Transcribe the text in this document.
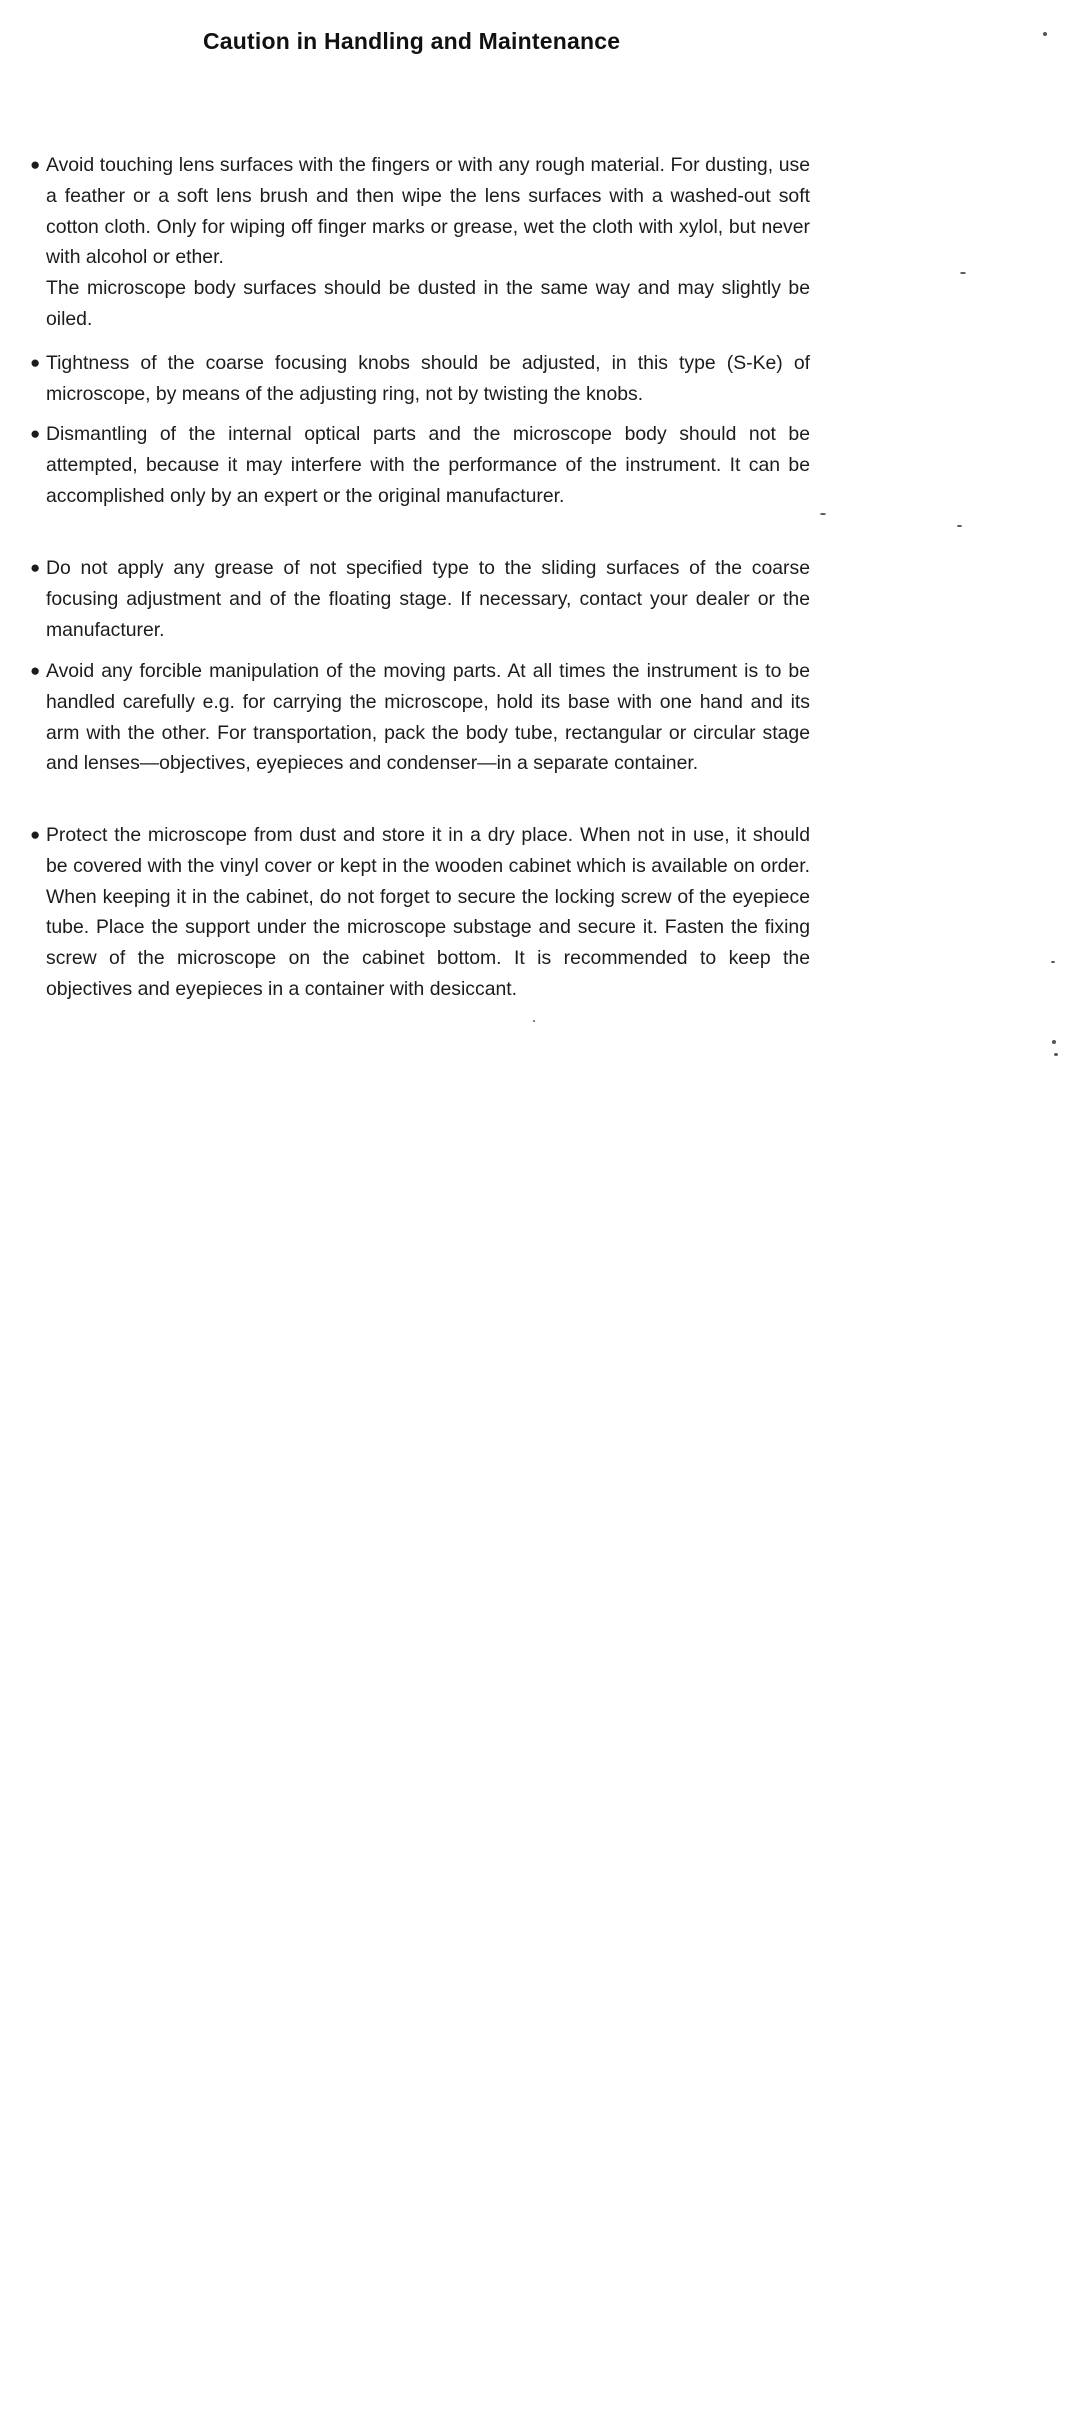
Caution in Handling and Maintenance
● Avoid touching lens surfaces with the fingers or with any rough material. For dusting, use a feather or a soft lens brush and then wipe the lens surfaces with a washed-out soft cotton cloth. Only for wiping off finger marks or grease, wet the cloth with xylol, but never with alcohol or ether.
The microscope body surfaces should be dusted in the same way and may slightly be oiled.
● Tightness of the coarse focusing knobs should be adjusted, in this type (S-Ke) of microscope, by means of the adjusting ring, not by twisting the knobs.
● Dismantling of the internal optical parts and the microscope body should not be attempted, because it may interfere with the performance of the instrument. It can be accomplished only by an expert or the original manufacturer.
● Do not apply any grease of not specified type to the sliding surfaces of the coarse focusing adjustment and of the floating stage. If necessary, contact your dealer or the manufacturer.
● Avoid any forcible manipulation of the moving parts. At all times the instrument is to be handled carefully e.g. for carrying the microscope, hold its base with one hand and its arm with the other. For transportation, pack the body tube, rectangular or circular stage and lenses—objectives, eyepieces and condenser—in a separate container.
● Protect the microscope from dust and store it in a dry place. When not in use, it should be covered with the vinyl cover or kept in the wooden cabinet which is available on order. When keeping it in the cabinet, do not forget to secure the locking screw of the eyepiece tube. Place the support under the microscope substage and secure it. Fasten the fixing screw of the microscope on the cabinet bottom. It is recommended to keep the objectives and eyepieces in a container with desiccant.
